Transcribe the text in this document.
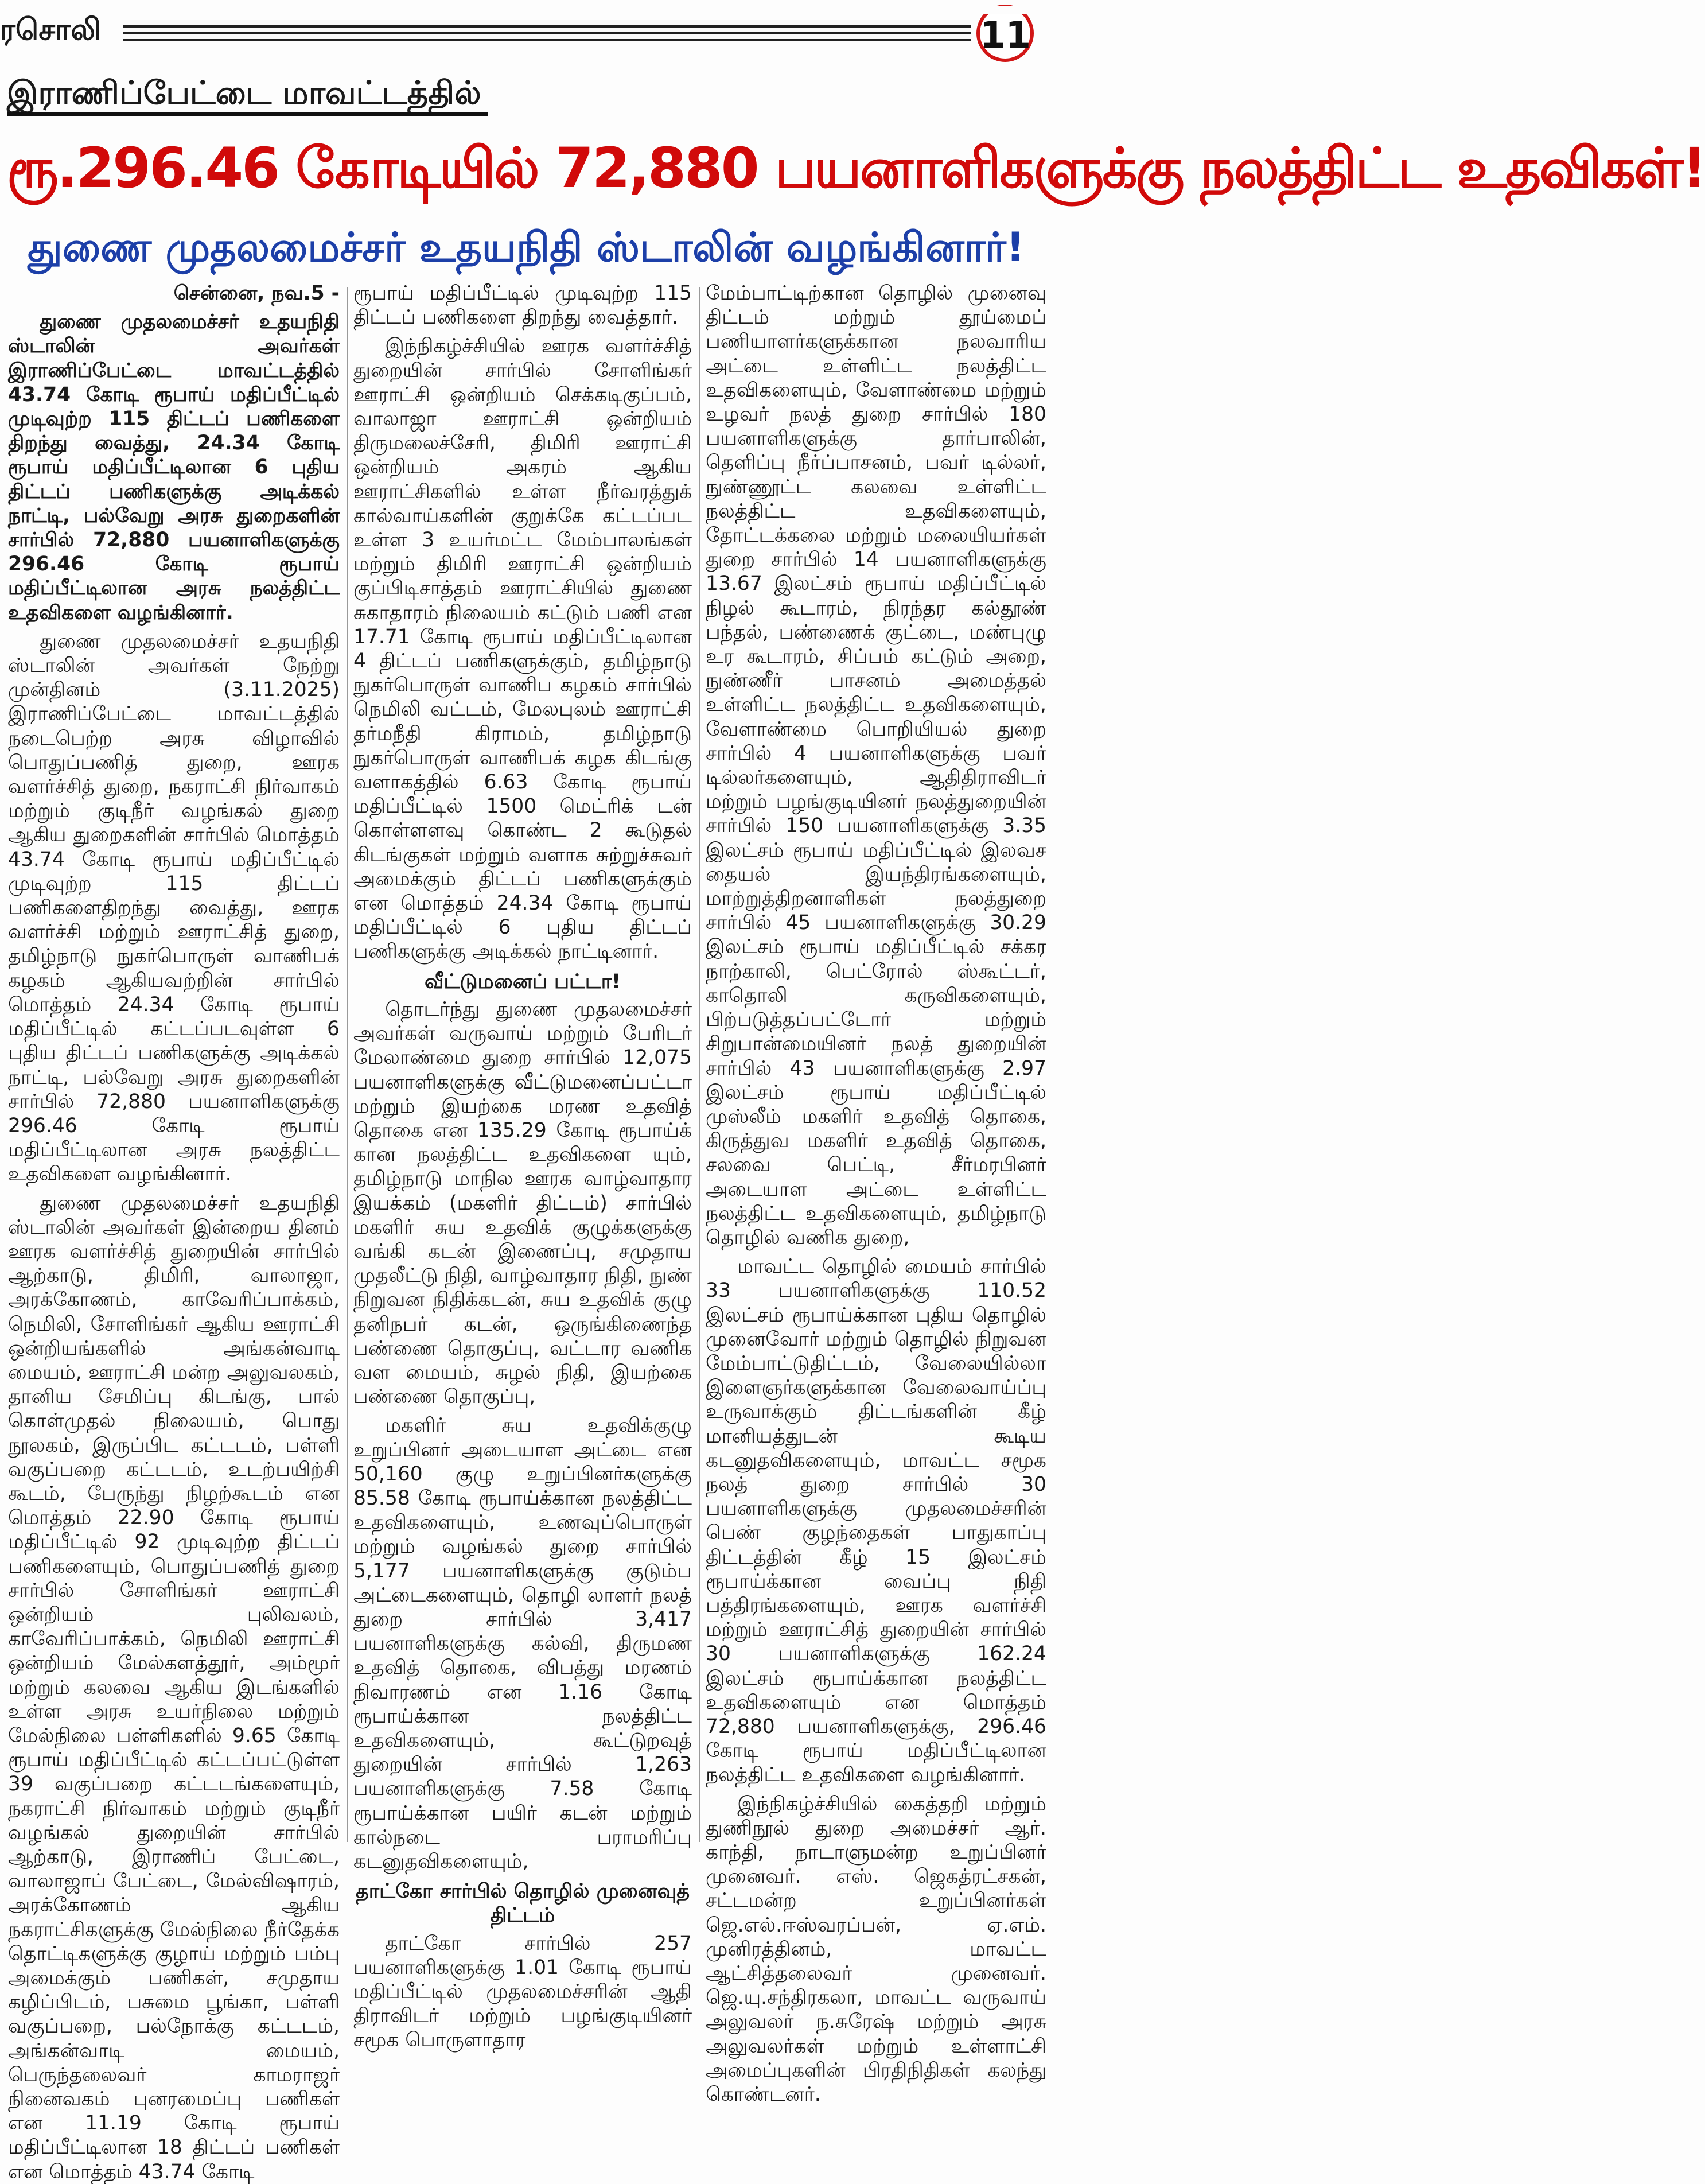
ரசொலி	11
இராணிப்பேட்டை மாவட்டத்தில்
ரூ.296.46 கோடியில் 72,880 பயனாளிகளுக்கு நலத்திட்ட உதவிகள்!
துணை முதலமைச்சர் உதயநிதி ஸ்டாலின் வழங்கினார்!

சென்னை, நவ.5 -

துணை முதலமைச்சர் உதயநிதி ஸ்டாலின் அவர்கள் இராணிப்பேட்டை மாவட்டத்தில் 43.74 கோடி ரூபாய் மதிப்பீட்டில் முடிவுற்ற 115 திட்டப் பணிகளை திறந்து வைத்து, 24.34 கோடி ரூபாய் மதிப்பீட்டிலான 6 புதிய திட்டப் பணிகளுக்கு அடிக்கல் நாட்டி, பல்வேறு அரசு துறைகளின் சார்பில் 72,880 பயனாளிகளுக்கு 296.46 கோடி ரூபாய் மதிப்பீட்டிலான அரசு நலத்திட்ட உதவிகளை வழங்கினார்.

துணை முதலமைச்சர் உதயநிதி ஸ்டாலின் அவர்கள் நேற்று முன்தினம் (3.11.2025) இராணிப்பேட்டை மாவட்டத்தில் நடைபெற்ற அரசு விழாவில் பொதுப்பணித் துறை, ஊரக வளர்ச்சித் துறை, நகராட்சி நிர்வாகம் மற்றும் குடிநீர் வழங்கல் துறை ஆகிய துறைகளின் சார்பில் மொத்தம் 43.74 கோடி ரூபாய் மதிப்பீட்டில் முடிவுற்ற 115 திட்டப் பணிகளைதிறந்து வைத்து, ஊரக வளர்ச்சி மற்றும் ஊராட்சித் துறை, தமிழ்நாடு நுகர்பொருள் வாணிபக் கழகம் ஆகியவற்றின் சார்பில் மொத்தம் 24.34 கோடி ரூபாய் மதிப்பீட்டில் கட்டப்படவுள்ள 6 புதிய திட்டப் பணிகளுக்கு அடிக்கல் நாட்டி, பல்வேறு அரசு துறைகளின் சார்பில் 72,880 பயனாளிகளுக்கு 296.46 கோடி ரூபாய் மதிப்பீட்டிலான அரசு நலத்திட்ட உதவிகளை வழங்கினார்.

துணை முதலமைச்சர் உதயநிதி ஸ்டாலின் அவர்கள் இன்றைய தினம் ஊரக வளர்ச்சித் துறையின் சார்பில் ஆற்காடு, திமிரி, வாலாஜா, அரக்கோணம், காவேரிப்பாக்கம், நெமிலி, சோளிங்கர் ஆகிய ஊராட்சி ஒன்றியங்களில் அங்கன்வாடி மையம், ஊராட்சி மன்ற அலுவலகம், தானிய சேமிப்பு கிடங்கு, பால் கொள்முதல் நிலையம், பொது நூலகம், இருப்பிட கட்டடம், பள்ளி வகுப்பறை கட்டடம், உடற்பயிற்சி கூடம், பேருந்து நிழற்கூடம் என மொத்தம் 22.90 கோடி ரூபாய் மதிப்பீட்டில் 92 முடிவுற்ற திட்டப் பணிகளையும், பொதுப்பணித் துறை சார்பில் சோளிங்கர் ஊராட்சி ஒன்றியம் புலிவலம், காவேரிப்பாக்கம், நெமிலி ஊராட்சி ஒன்றியம் மேல்களத்தூர், அம்மூர் மற்றும் கலவை ஆகிய இடங்களில் உள்ள அரசு உயர்நிலை மற்றும் மேல்நிலை பள்ளிகளில் 9.65 கோடி ரூபாய் மதிப்பீட்டில் கட்டப்பட்டுள்ள 39 வகுப்பறை கட்டடங்களையும், நகராட்சி நிர்வாகம் மற்றும் குடிநீர் வழங்கல் துறையின் சார்பில் ஆற்காடு, இராணிப் பேட்டை, வாலாஜாப் பேட்டை, மேல்விஷாரம், அரக்கோணம் ஆகிய நகராட்சிகளுக்கு மேல்நிலை நீர்தேக்க தொட்டிகளுக்கு குழாய் மற்றும் பம்பு அமைக்கும் பணிகள், சமுதாய கழிப்பிடம், பசுமை பூங்கா, பள்ளி வகுப்பறை, பல்நோக்கு கட்டடம், அங்கன்வாடி மையம், பெருந்தலைவர் காமராஜர் நினைவகம் புனரமைப்பு பணிகள் என 11.19 கோடி ரூபாய் மதிப்பீட்டிலான 18 திட்டப் பணிகள் என மொத்தம் 43.74 கோடி

ரூபாய் மதிப்பீட்டில் முடிவுற்ற 115 திட்டப் பணிகளை திறந்து வைத்தார்.

இந்நிகழ்ச்சியில் ஊரக வளர்ச்சித் துறையின் சார்பில் சோளிங்கர் ஊராட்சி ஒன்றியம் செக்கடிகுப்பம், வாலாஜா ஊராட்சி ஒன்றியம் திருமலைச்சேரி, திமிரி ஊராட்சி ஒன்றியம் அகரம் ஆகிய ஊராட்சிகளில் உள்ள நீர்வரத்துக் கால்வாய்களின் குறுக்கே கட்டப்பட உள்ள 3 உயர்மட்ட மேம்பாலங்கள் மற்றும் திமிரி ஊராட்சி ஒன்றியம் குப்பிடிசாத்தம் ஊராட்சியில் துணை சுகாதாரம் நிலையம் கட்டும் பணி என 17.71 கோடி ரூபாய் மதிப்பீட்டிலான 4 திட்டப் பணிகளுக்கும், தமிழ்நாடு நுகர்பொருள் வாணிப கழகம் சார்பில் நெமிலி வட்டம், மேலபுலம் ஊராட்சி தர்மநீதி கிராமம், தமிழ்நாடு நுகர்பொருள் வாணிபக் கழக கிடங்கு வளாகத்தில் 6.63 கோடி ரூபாய் மதிப்பீட்டில் 1500 மெட்ரிக் டன் கொள்ளளவு கொண்ட 2 கூடுதல் கிடங்குகள் மற்றும் வளாக சுற்றுச்சுவர் அமைக்கும் திட்டப் பணிகளுக்கும் என மொத்தம் 24.34 கோடி ரூபாய் மதிப்பீட்டில் 6 புதிய திட்டப் பணிகளுக்கு அடிக்கல் நாட்டினார்.

வீட்டுமனைப் பட்டா!

தொடர்ந்து துணை முதலமைச்சர் அவர்கள் வருவாய் மற்றும் பேரிடர் மேலாண்மை துறை சார்பில் 12,075 பயனாளிகளுக்கு வீட்டுமனைப்பட்டா மற்றும் இயற்கை மரண உதவித் தொகை என 135.29 கோடி ரூபாய்க் கான நலத்திட்ட உதவிகளை யும், தமிழ்நாடு மாநில ஊரக வாழ்வாதார இயக்கம் (மகளிர் திட்டம்) சார்பில் மகளிர் சுய உதவிக் குழுக்களுக்கு வங்கி கடன் இணைப்பு, சமுதாய முதலீட்டு நிதி, வாழ்வாதார நிதி, நுண் நிறுவன நிதிக்கடன், சுய உதவிக் குழு தனிநபர் கடன், ஒருங்கிணைந்த பண்ணை தொகுப்பு, வட்டார வணிக வள மையம், சுழல் நிதி, இயற்கை பண்ணை தொகுப்பு,

மகளிர் சுய உதவிக்குழு உறுப்பினர் அடையாள அட்டை என 50,160 குழு உறுப்பினர்களுக்கு 85.58 கோடி ரூபாய்க்கான நலத்திட்ட உதவிகளையும், உணவுப்பொருள் மற்றும் வழங்கல் துறை சார்பில் 5,177 பயனாளிகளுக்கு குடும்ப அட்டைகளையும், தொழி லாளர் நலத் துறை சார்பில் 3,417 பயனாளிகளுக்கு கல்வி, திருமண உதவித் தொகை, விபத்து மரணம் நிவாரணம் என 1.16 கோடி ரூபாய்க்கான நலத்திட்ட உதவிகளையும், கூட்டுறவுத் துறையின் சார்பில் 1,263 பயனாளிகளுக்கு 7.58 கோடி ரூபாய்க்கான பயிர் கடன் மற்றும் கால்நடை பராமரிப்பு கடனுதவிகளையும்,

தாட்கோ சார்பில் தொழில் முனைவுத் திட்டம்

தாட்கோ சார்பில் 257 பயனாளிகளுக்கு 1.01 கோடி ரூபாய் மதிப்பீட்டில் முதலமைச்சரின் ஆதி திராவிடர் மற்றும் பழங்குடியினர் சமூக பொருளாதார

மேம்பாட்டிற்கான தொழில் முனைவு திட்டம் மற்றும் தூய்மைப் பணியாளர்களுக்கான நலவாரிய அட்டை உள்ளிட்ட நலத்திட்ட உதவிகளையும், வேளாண்மை மற்றும் உழவர் நலத் துறை சார்பில் 180 பயனாளிகளுக்கு தார்பாலின், தெளிப்பு நீர்ப்பாசனம், பவர் டில்லர், நுண்ணூட்ட கலவை உள்ளிட்ட நலத்திட்ட உதவிகளையும், தோட்டக்கலை மற்றும் மலையியர்கள் துறை சார்பில் 14 பயனாளிகளுக்கு 13.67 இலட்சம் ரூபாய் மதிப்பீட்டில் நிழல் கூடாரம், நிரந்தர கல்தூண் பந்தல், பண்ணைக் குட்டை, மண்புழு உர கூடாரம், சிப்பம் கட்டும் அறை, நுண்ணீர் பாசனம் அமைத்தல் உள்ளிட்ட நலத்திட்ட உதவிகளையும், வேளாண்மை பொறியியல் துறை சார்பில் 4 பயனாளிகளுக்கு பவர் டில்லர்களையும், ஆதிதிராவிடர் மற்றும் பழங்குடியினர் நலத்துறையின் சார்பில் 150 பயனாளிகளுக்கு 3.35 இலட்சம் ரூபாய் மதிப்பீட்டில் இலவச தையல் இயந்திரங்களையும், மாற்றுத்திறனாளிகள் நலத்துறை சார்பில் 45 பயனாளிகளுக்கு 30.29 இலட்சம் ரூபாய் மதிப்பீட்டில் சக்கர நாற்காலி, பெட்ரோல் ஸ்கூட்டர், காதொலி கருவிகளையும், பிற்படுத்தப்பட்டோர் மற்றும் சிறுபான்மையினர் நலத் துறையின் சார்பில் 43 பயனாளிகளுக்கு 2.97 இலட்சம் ரூபாய் மதிப்பீட்டில் முஸ்லீம் மகளிர் உதவித் தொகை, கிருத்துவ மகளிர் உதவித் தொகை, சலவை பெட்டி, சீர்மரபினர் அடையாள அட்டை உள்ளிட்ட நலத்திட்ட உதவிகளையும், தமிழ்நாடு தொழில் வணிக துறை,

மாவட்ட தொழில் மையம் சார்பில் 33 பயனாளிகளுக்கு 110.52 இலட்சம் ரூபாய்க்கான புதிய தொழில் முனைவோர் மற்றும் தொழில் நிறுவன மேம்பாட்டுதிட்டம், வேலையில்லா இளைஞர்களுக்கான வேலைவாய்ப்பு உருவாக்கும் திட்டங்களின் கீழ் மானியத்துடன் கூடிய கடனுதவிகளையும், மாவட்ட சமூக நலத் துறை சார்பில் 30 பயனாளிகளுக்கு முதலமைச்சரின் பெண் குழந்தைகள் பாதுகாப்பு திட்டத்தின் கீழ் 15 இலட்சம் ரூபாய்க்கான வைப்பு நிதி பத்திரங்களையும், ஊரக வளர்ச்சி மற்றும் ஊராட்சித் துறையின் சார்பில் 30 பயனாளிகளுக்கு 162.24 இலட்சம் ரூபாய்க்கான நலத்திட்ட உதவிகளையும் என மொத்தம் 72,880 பயனாளிகளுக்கு, 296.46 கோடி ரூபாய் மதிப்பீட்டிலான நலத்திட்ட உதவிகளை வழங்கினார்.

இந்நிகழ்ச்சியில் கைத்தறி மற்றும் துணிநூல் துறை அமைச்சர் ஆர். காந்தி, நாடாளுமன்ற உறுப்பினர் முனைவர். எஸ். ஜெகத்ரட்சகன், சட்டமன்ற உறுப்பினர்கள் ஜெ.எல்.ஈஸ்வரப்பன், ஏ.எம். முனிரத்தினம், மாவட்ட ஆட்சித்தலைவர் முனைவர். ஜெ.யு.சந்திரகலா, மாவட்ட வருவாய் அலுவலர் ந.சுரேஷ் மற்றும் அரசு அலுவலர்கள் மற்றும் உள்ளாட்சி அமைப்புகளின் பிரதிநிதிகள் கலந்து கொண்டனர்.
